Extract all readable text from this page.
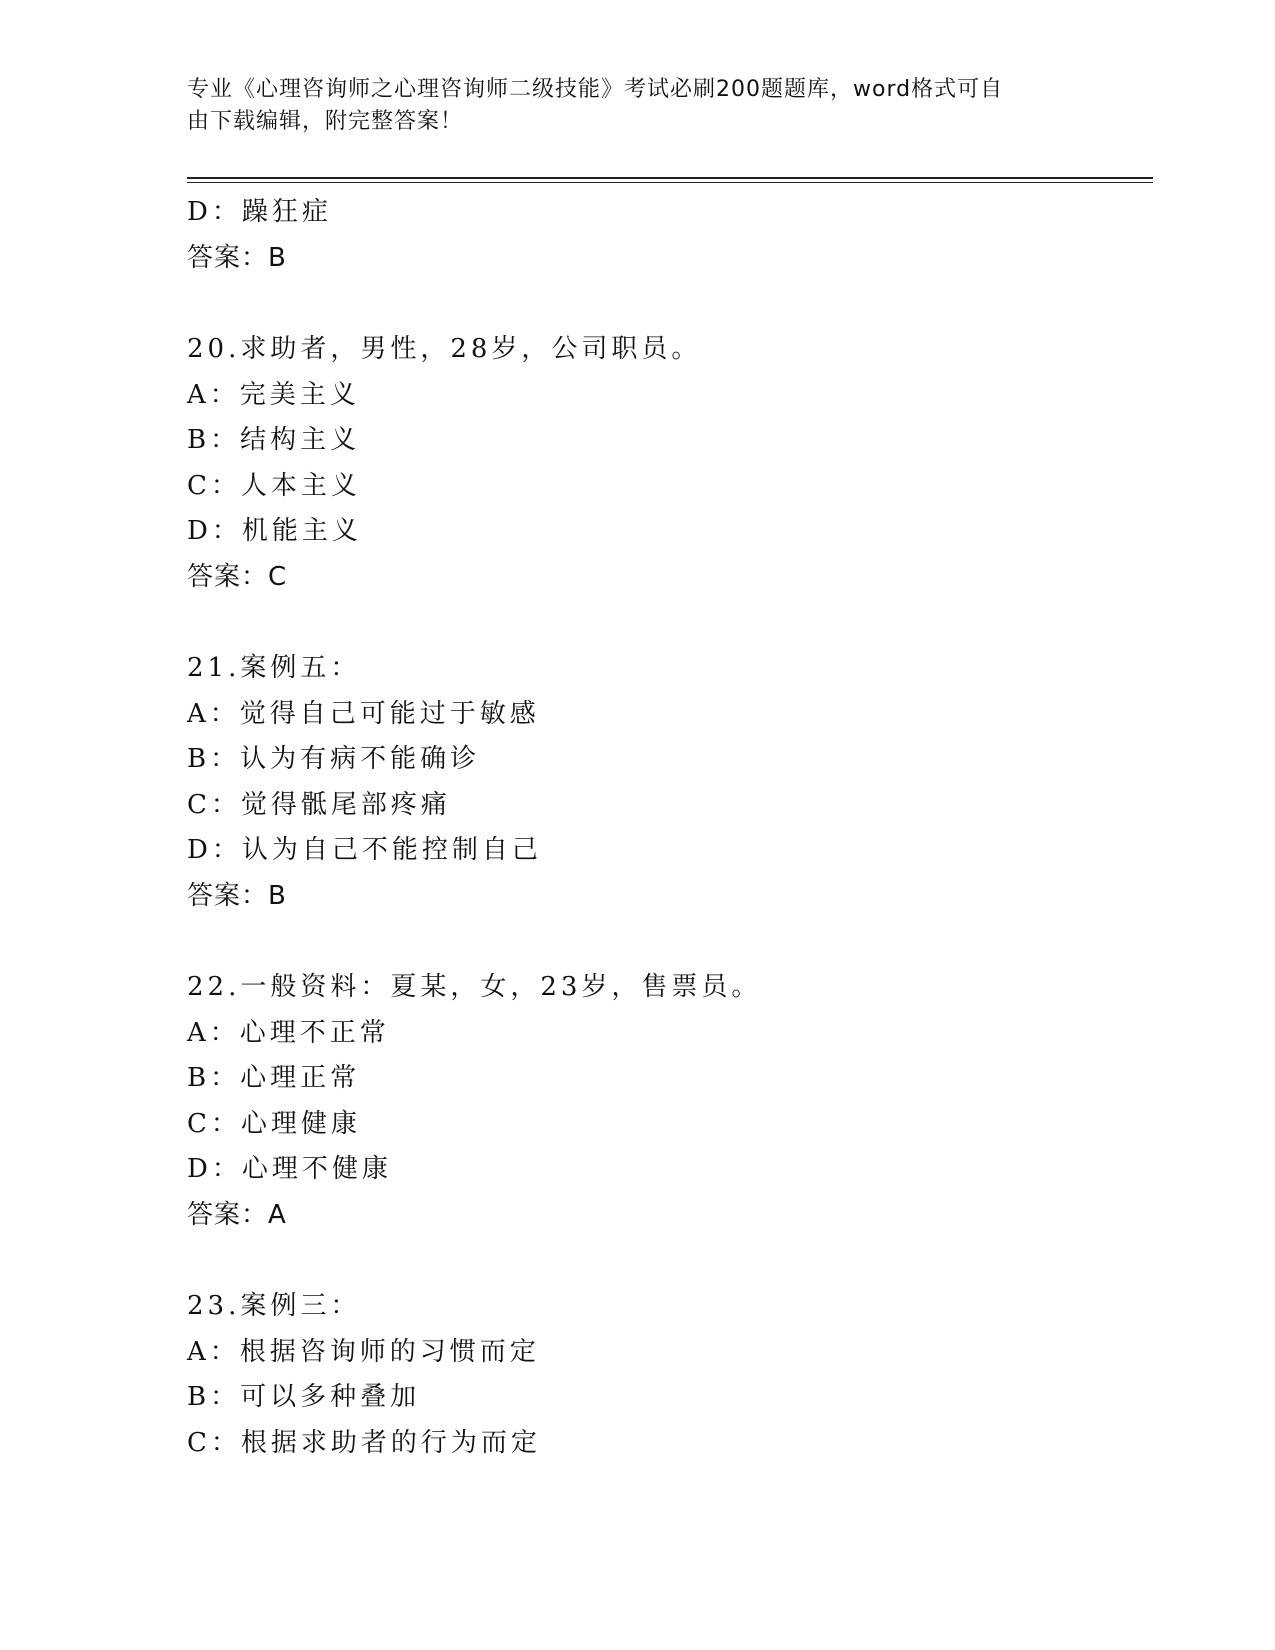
专业《心理咨询师之心理咨询师二级技能》考试必刷200题题库，word格式可自
由下载编辑，附完整答案！
D：躁狂症
答案：B
20.求助者，男性，28岁，公司职员。
A：完美主义
B：结构主义
C：人本主义
D：机能主义
答案：C
21.案例五：
A：觉得自己可能过于敏感
B：认为有病不能确诊
C：觉得骶尾部疼痛
D：认为自己不能控制自己
答案：B
22.一般资料：夏某，女，23岁，售票员。
A：心理不正常
B：心理正常
C：心理健康
D：心理不健康
答案：A
23.案例三：
A：根据咨询师的习惯而定
B：可以多种叠加
C：根据求助者的行为而定
